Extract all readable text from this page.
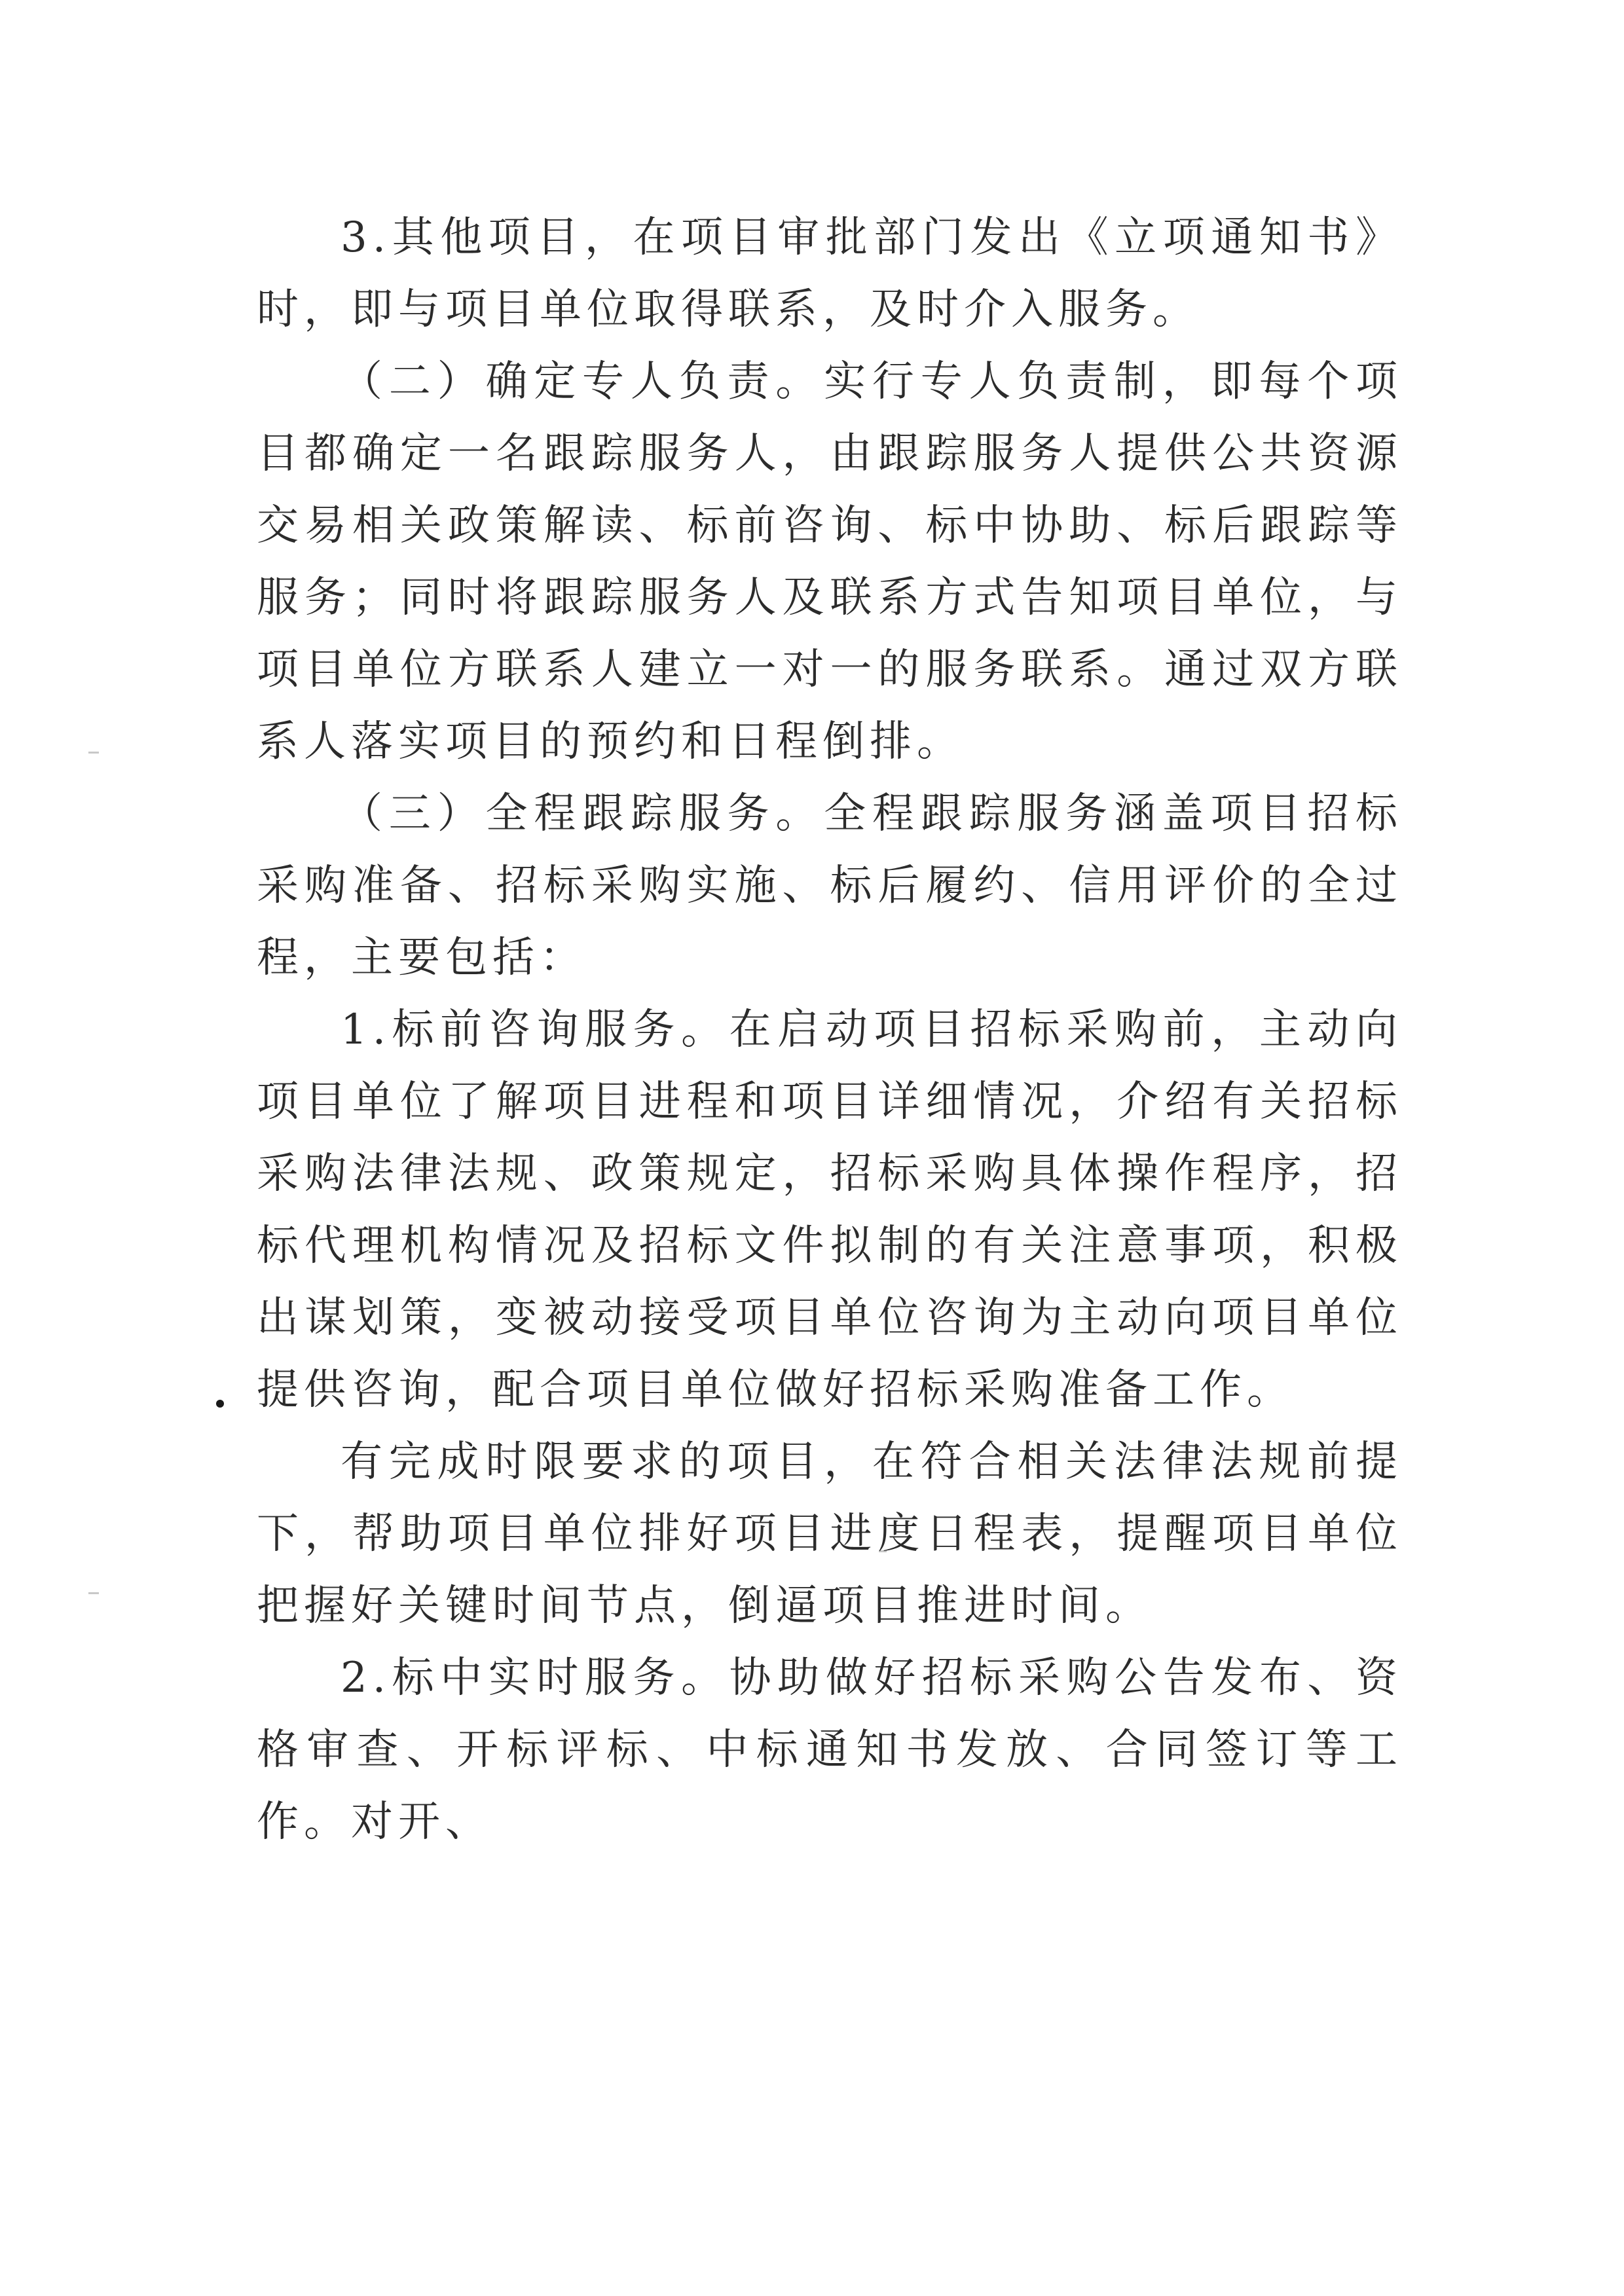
3.其他项目，在项目审批部门发出《立项通知书》时，即与项目单位取得联系，及时介入服务。

（二）确定专人负责。实行专人负责制，即每个项目都确定一名跟踪服务人，由跟踪服务人提供公共资源交易相关政策解读、标前咨询、标中协助、标后跟踪等服务；同时将跟踪服务人及联系方式告知项目单位，与项目单位方联系人建立一对一的服务联系。通过双方联系人落实项目的预约和日程倒排。

（三）全程跟踪服务。全程跟踪服务涵盖项目招标采购准备、招标采购实施、标后履约、信用评价的全过程，主要包括：

1.标前咨询服务。在启动项目招标采购前，主动向项目单位了解项目进程和项目详细情况，介绍有关招标采购法律法规、政策规定，招标采购具体操作程序，招标代理机构情况及招标文件拟制的有关注意事项，积极出谋划策，变被动接受项目单位咨询为主动向项目单位提供咨询，配合项目单位做好招标采购准备工作。

有完成时限要求的项目，在符合相关法律法规前提下，帮助项目单位排好项目进度日程表，提醒项目单位把握好关键时间节点，倒逼项目推进时间。

2.标中实时服务。协助做好招标采购公告发布、资格审查、开标评标、中标通知书发放、合同签订等工作。对开、
